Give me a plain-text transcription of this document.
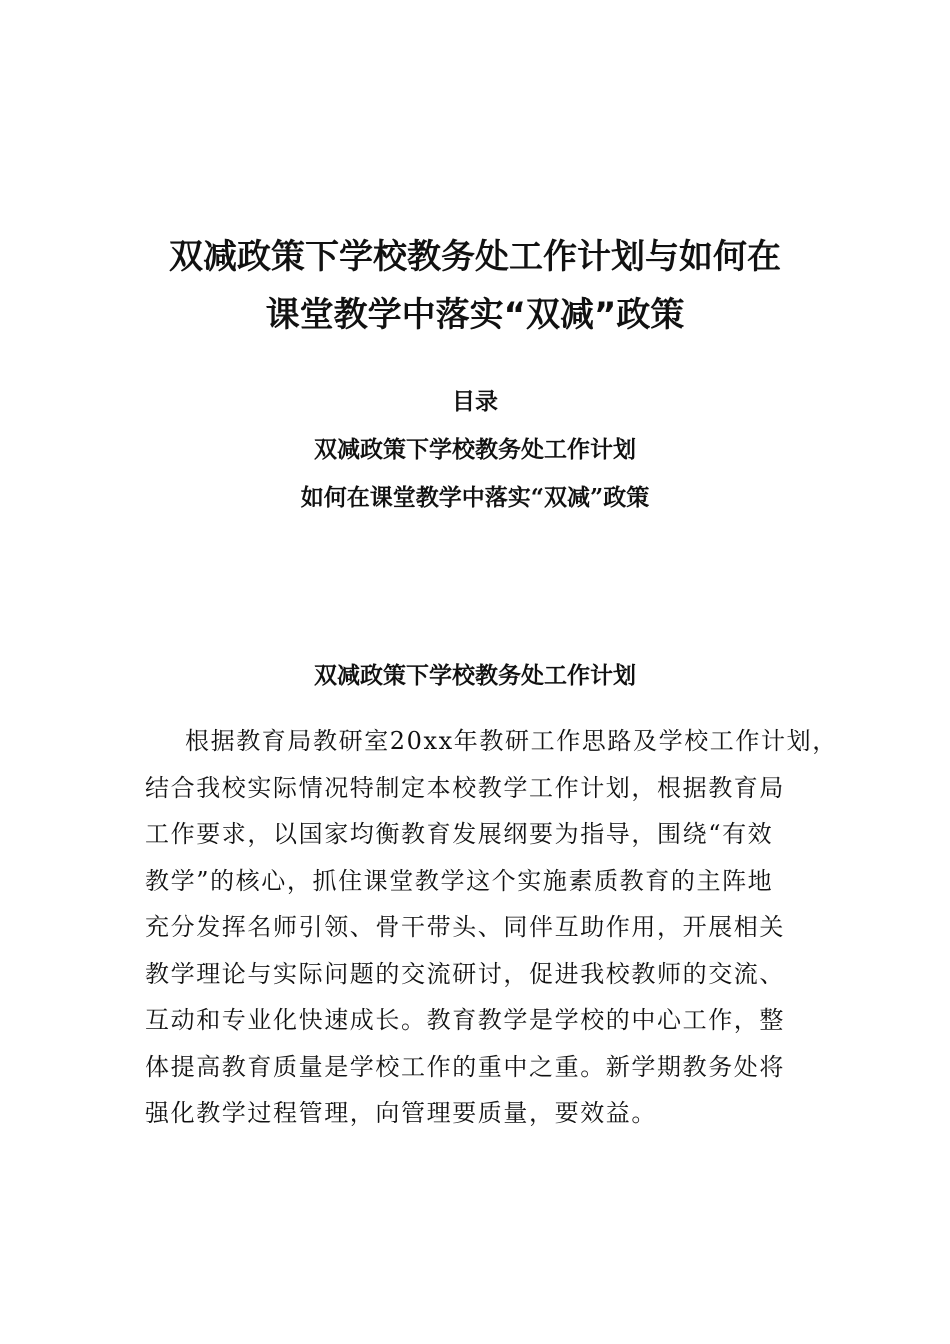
双减政策下学校教务处工作计划与如何在
课堂教学中落实“双减”政策
目录
双减政策下学校教务处工作计划
如何在课堂教学中落实“双减”政策
双减政策下学校教务处工作计划
根据教育局教研室20xx年教研工作思路及学校工作计划，
结合我校实际情况特制定本校教学工作计划，根据教育局
工作要求，以国家均衡教育发展纲要为指导，围绕“有效
教学”的核心，抓住课堂教学这个实施素质教育的主阵地
充分发挥名师引领、骨干带头、同伴互助作用，开展相关
教学理论与实际问题的交流研讨，促进我校教师的交流、
互动和专业化快速成长。教育教学是学校的中心工作，整
体提高教育质量是学校工作的重中之重。新学期教务处将
强化教学过程管理，向管理要质量，要效益。
